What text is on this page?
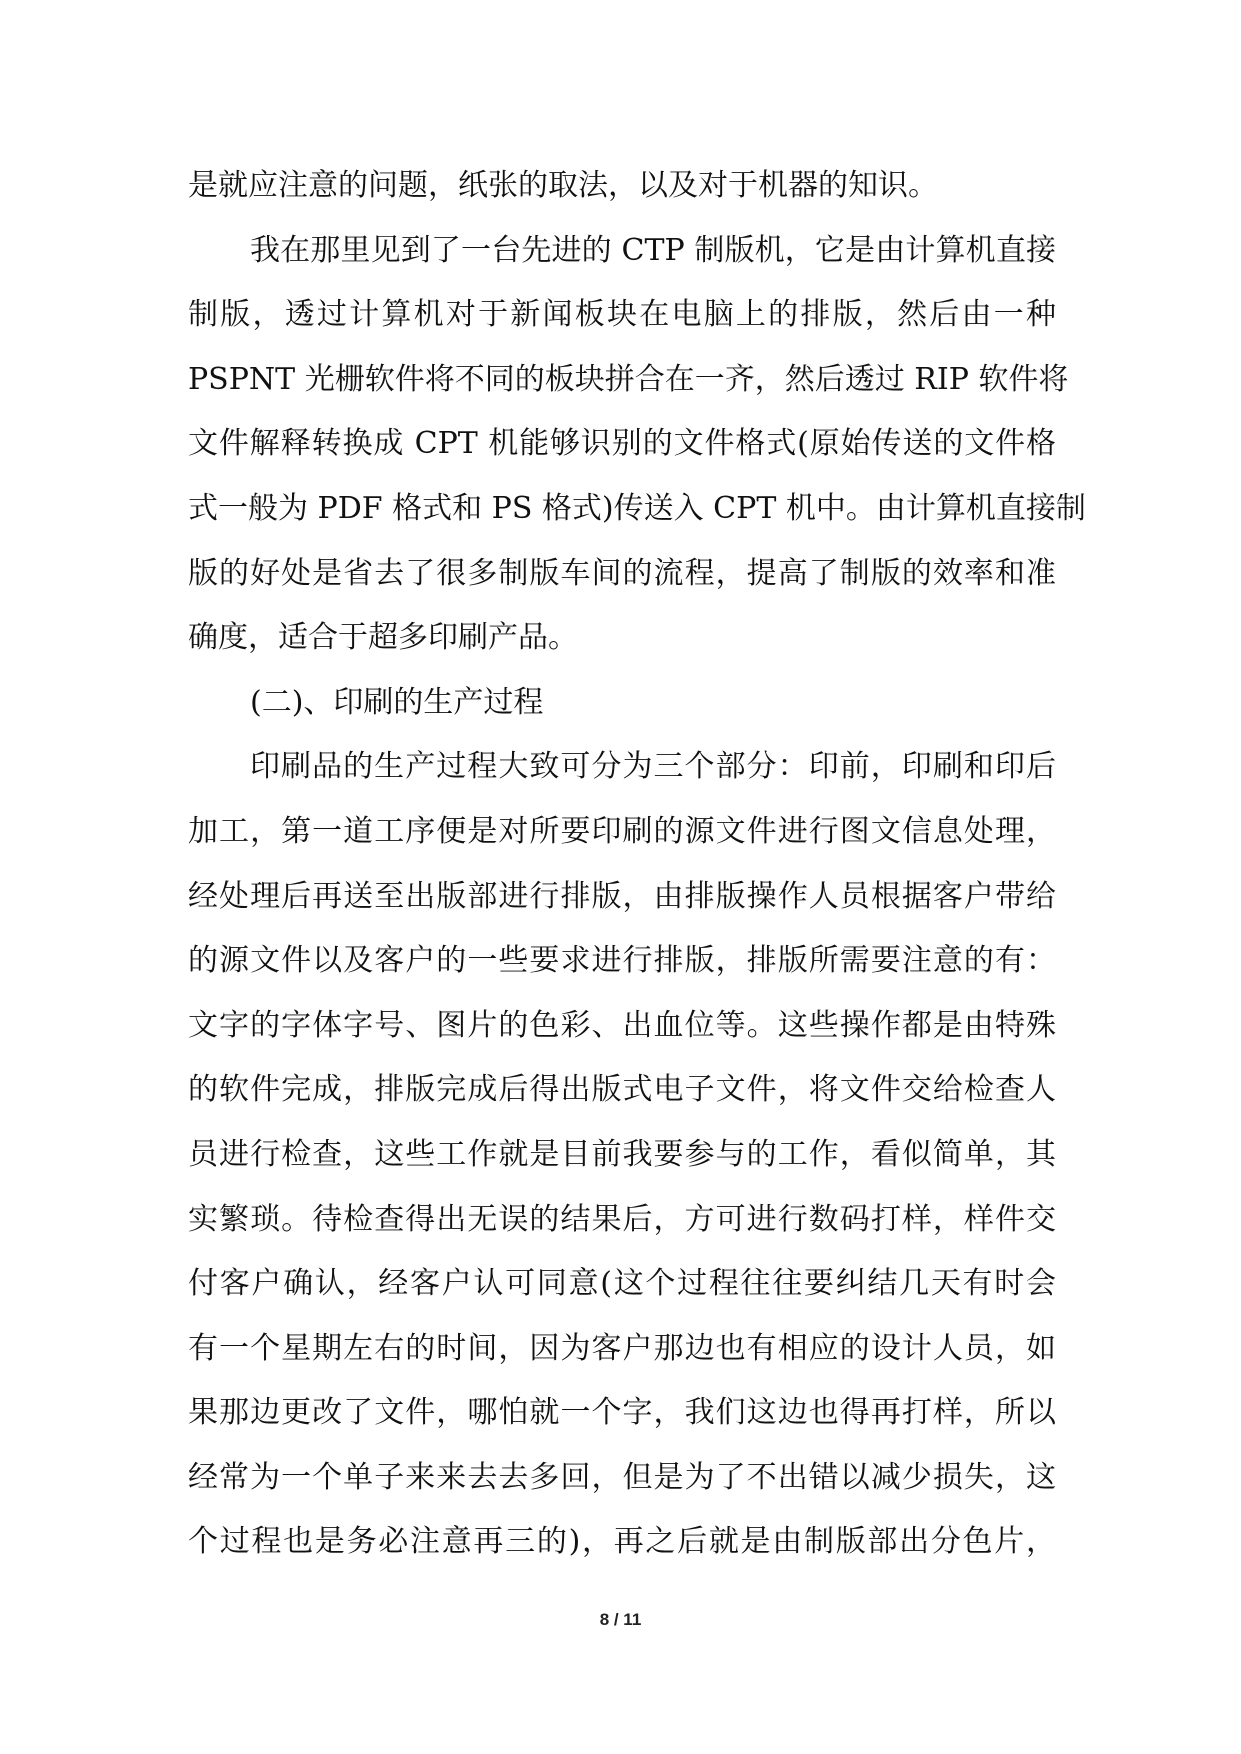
是就应注意的问题，纸张的取法，以及对于机器的知识。
我在那里见到了一台先进的 CTP 制版机，它是由计算机直接
制版，透过计算机对于新闻板块在电脑上的排版，然后由一种
PSPNT 光栅软件将不同的板块拼合在一齐，然后透过 RIP 软件将
文件解释转换成 CPT 机能够识别的文件格式(原始传送的文件格
式一般为 PDF 格式和 PS 格式)传送入 CPT 机中。由计算机直接制
版的好处是省去了很多制版车间的流程，提高了制版的效率和准
确度，适合于超多印刷产品。
(二)、印刷的生产过程
印刷品的生产过程大致可分为三个部分：印前，印刷和印后
加工，第一道工序便是对所要印刷的源文件进行图文信息处理，
经处理后再送至出版部进行排版，由排版操作人员根据客户带给
的源文件以及客户的一些要求进行排版，排版所需要注意的有：
文字的字体字号、图片的色彩、出血位等。这些操作都是由特殊
的软件完成，排版完成后得出版式电子文件，将文件交给检查人
员进行检查，这些工作就是目前我要参与的工作，看似简单，其
实繁琐。待检查得出无误的结果后，方可进行数码打样，样件交
付客户确认，经客户认可同意(这个过程往往要纠结几天有时会
有一个星期左右的时间，因为客户那边也有相应的设计人员，如
果那边更改了文件，哪怕就一个字，我们这边也得再打样，所以
经常为一个单子来来去去多回，但是为了不出错以减少损失，这
个过程也是务必注意再三的)，再之后就是由制版部出分色片，
8 / 11
